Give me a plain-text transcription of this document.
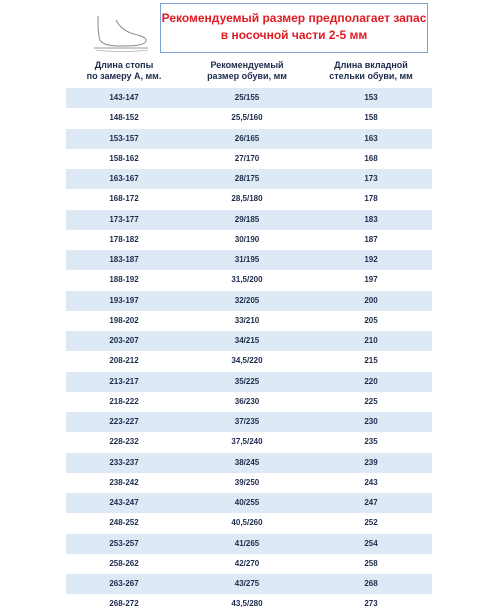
Рекомендуемый размер предполагает запас
в носочной части 2-5 мм
Длина стопы
по замеру А, мм.
Рекомендуемый
размер обуви, мм
Длина вкладной
стельки обуви, мм
143-147	25/155	153
148-152	25,5/160	158
153-157	26/165	163
158-162	27/170	168
163-167	28/175	173
168-172	28,5/180	178
173-177	29/185	183
178-182	30/190	187
183-187	31/195	192
188-192	31,5/200	197
193-197	32/205	200
198-202	33/210	205
203-207	34/215	210
208-212	34,5/220	215
213-217	35/225	220
218-222	36/230	225
223-227	37/235	230
228-232	37,5/240	235
233-237	38/245	239
238-242	39/250	243
243-247	40/255	247
248-252	40,5/260	252
253-257	41/265	254
258-262	42/270	258
263-267	43/275	268
268-272	43,5/280	273
